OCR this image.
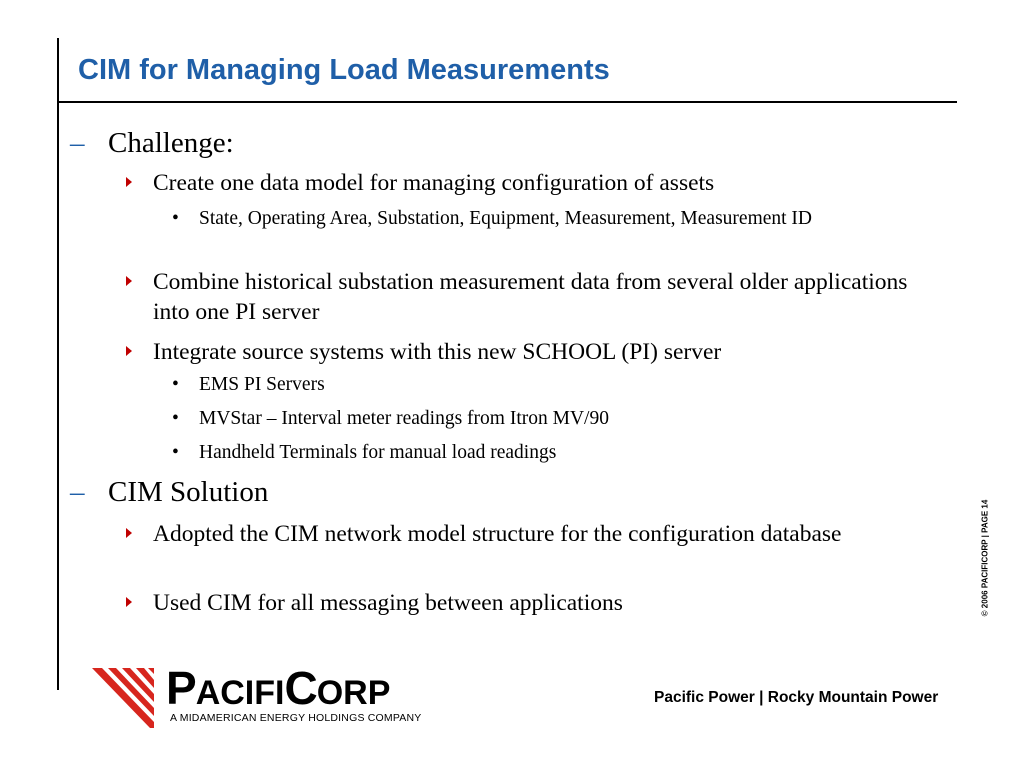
CIM for Managing Load Measurements
– Challenge:
Create one data model for managing configuration of assets
• State, Operating Area, Substation, Equipment, Measurement, Measurement ID
Combine historical substation measurement data from several older applications into one PI server
Integrate source systems with this new SCHOOL (PI) server
• EMS PI Servers
• MVStar – Interval meter readings from Itron MV/90
• Handheld Terminals for manual load readings
– CIM Solution
Adopted the CIM network model structure for the configuration database
Used CIM for all messaging between applications	© 2006 PACIFICORP | PAGE 14
PACIFICORP
A MIDAMERICAN ENERGY HOLDINGS COMPANY
Pacific Power | Rocky Mountain Power
